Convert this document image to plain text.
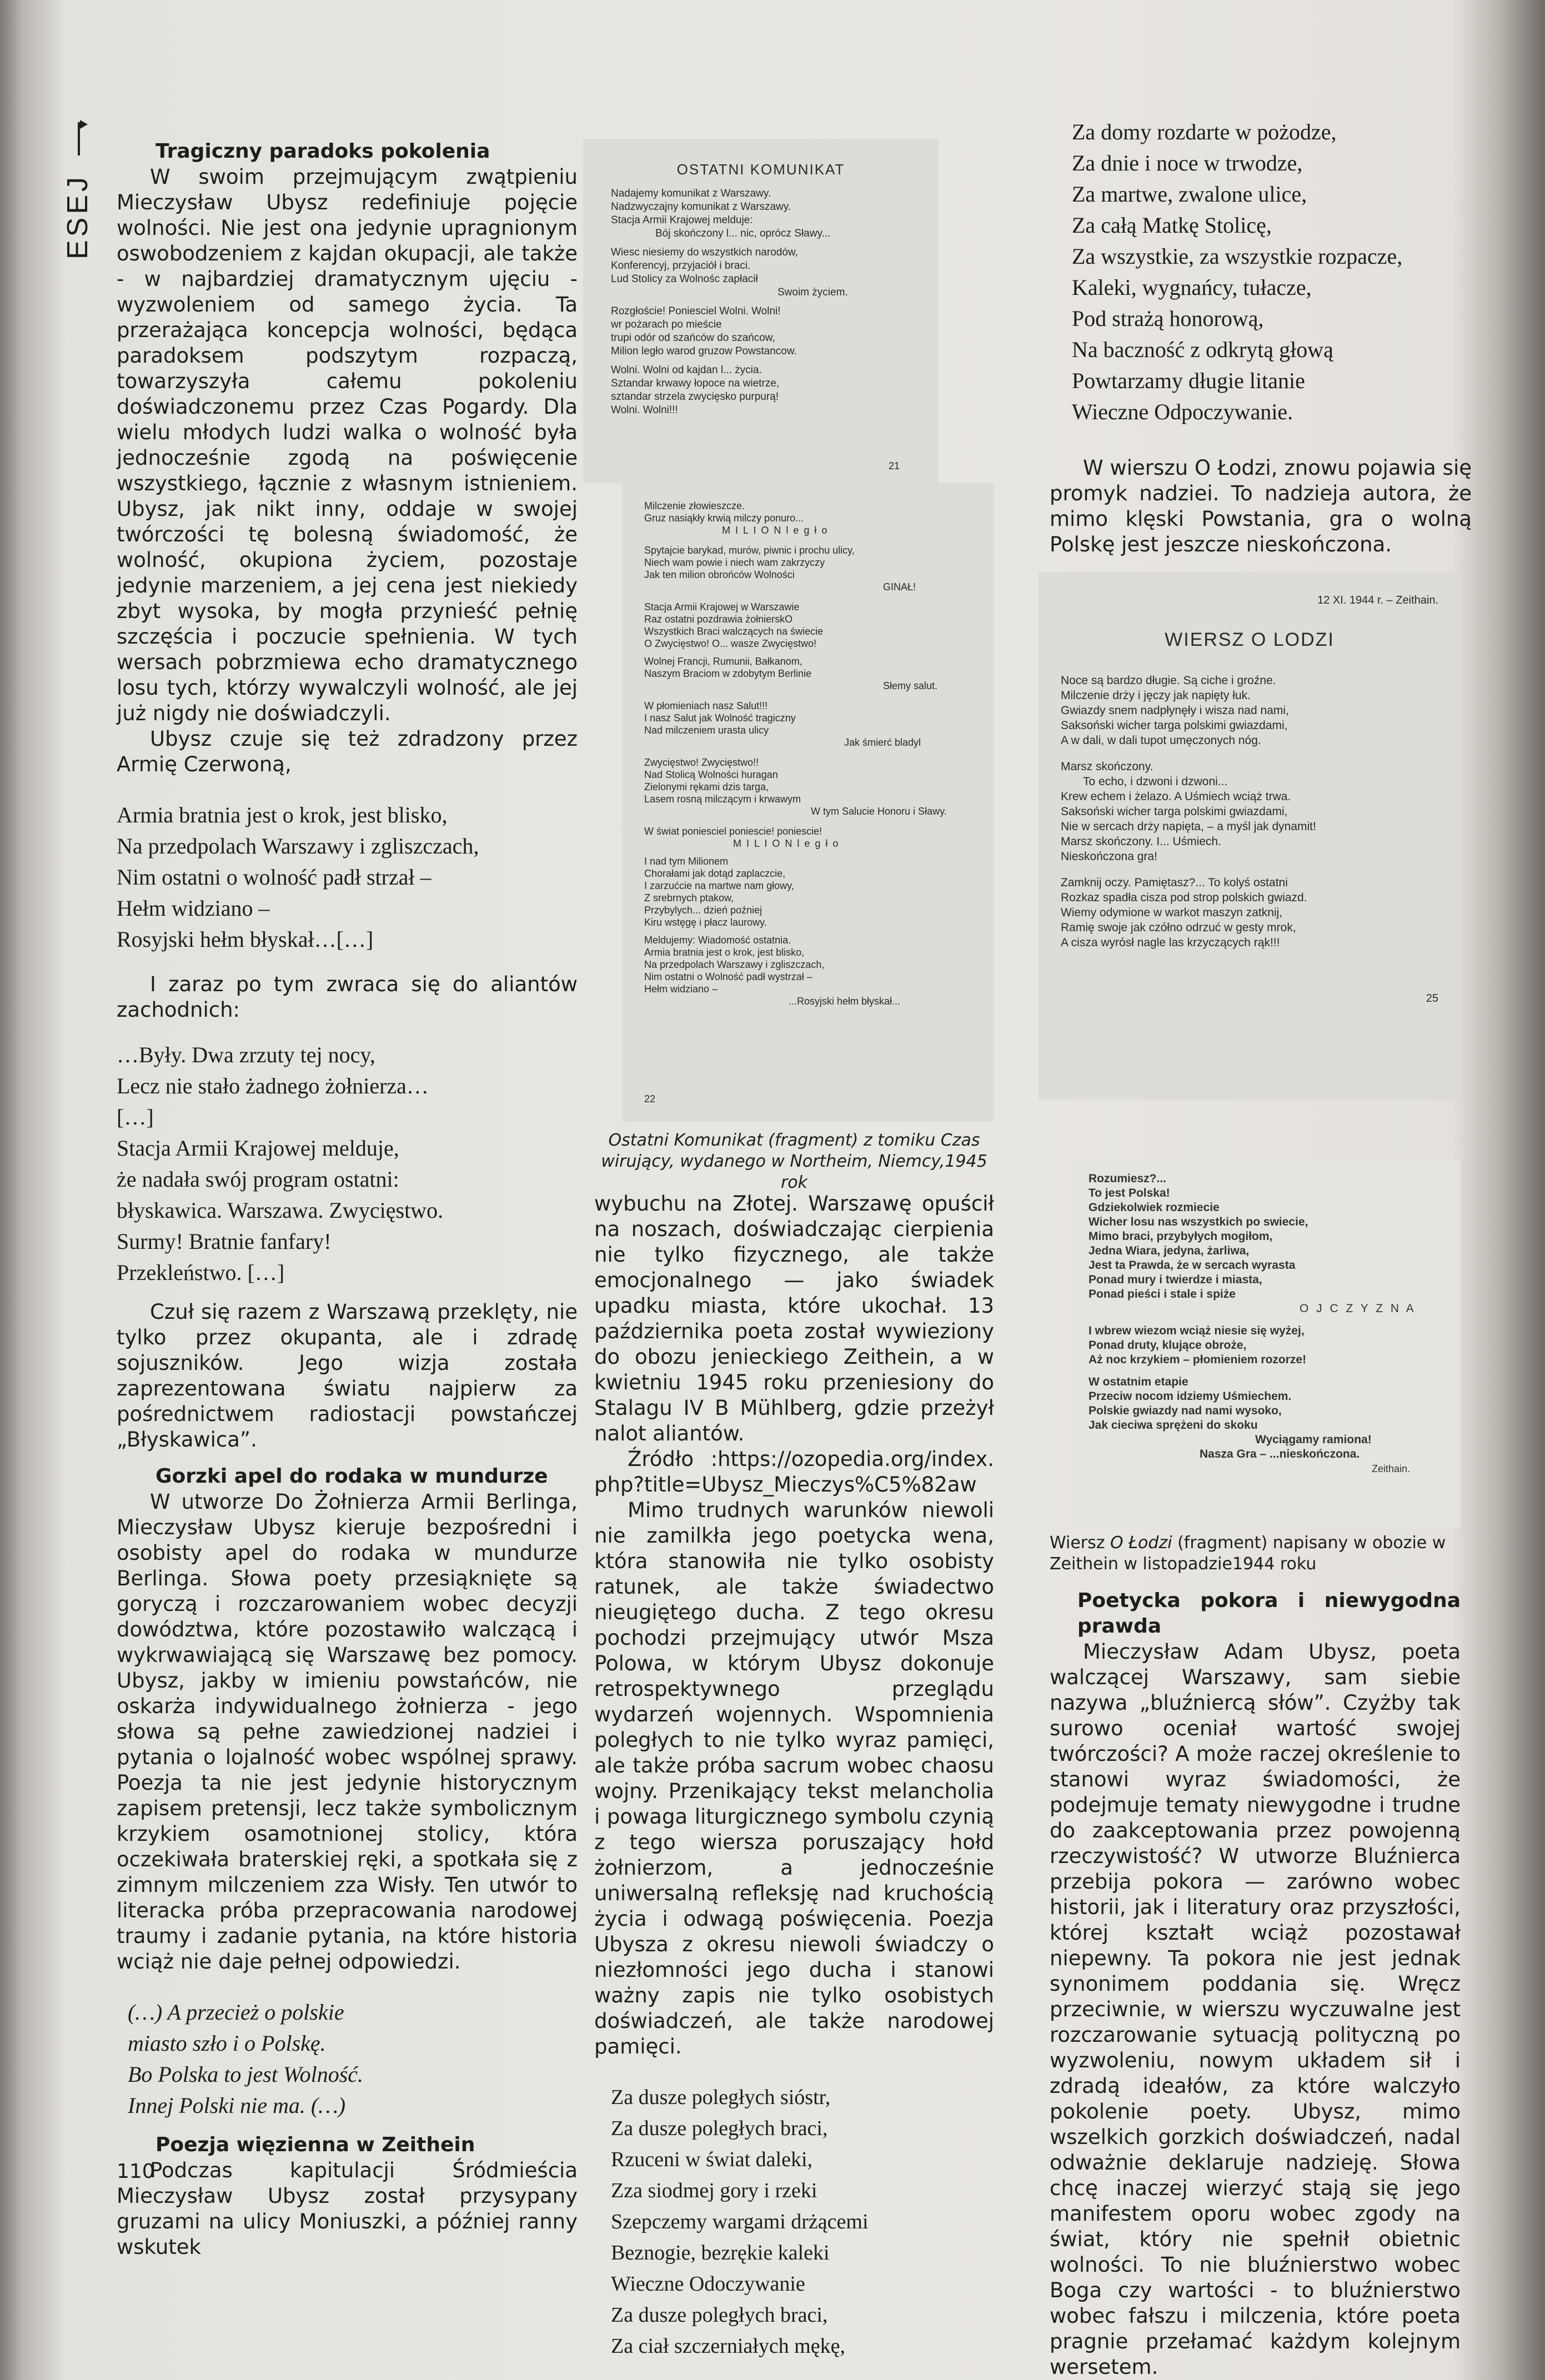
ESEJ

Tragiczny paradoks pokolenia

W swoim przejmującym zwątpieniu Mieczysław Ubysz redefiniuje pojęcie wolności. Nie jest ona jedynie upragnionym oswobodzeniem z kajdan okupacji, ale także - w najbardziej dramatycznym ujęciu - wyzwoleniem od samego życia. Ta przerażająca koncepcja wolności, będąca paradoksem podszytym rozpaczą, towarzyszyła całemu pokoleniu doświadczonemu przez Czas Pogardy. Dla wielu młodych ludzi walka o wolność była jednocześnie zgodą na poświęcenie wszystkiego, łącznie z własnym istnieniem. Ubysz, jak nikt inny, oddaje w swojej twórczości tę bolesną świadomość, że wolność, okupiona życiem, pozostaje jedynie marzeniem, a jej cena jest niekiedy zbyt wysoka, by mogła przynieść pełnię szczęścia i poczucie spełnienia. W tych wersach pobrzmiewa echo dramatycznego losu tych, którzy wywalczyli wolność, ale jej już nigdy nie doświadczyli.

Ubysz czuje się też zdradzony przez Armię Czerwoną,

Armia bratnia jest o krok, jest blisko,
Na przedpolach Warszawy i zgliszczach,
Nim ostatni o wolność padł strzał –
Hełm widziano –
Rosyjski hełm błyskał…[…]

I zaraz po tym zwraca się do aliantów zachodnich:

…Były. Dwa zrzuty tej nocy,
Lecz nie stało żadnego żołnierza…
[…]
Stacja Armii Krajowej melduje,
że nadała swój program ostatni:
błyskawica. Warszawa. Zwycięstwo.
Surmy! Bratnie fanfary!
Przekleństwo. […]

Czuł się razem z Warszawą przeklęty, nie tylko przez okupanta, ale i zdradę sojuszników. Jego wizja została zaprezentowana światu najpierw za pośrednictwem radiostacji powstańczej „Błyskawica”.

Gorzki apel do rodaka w mundurze

W utworze Do Żołnierza Armii Berlinga, Mieczysław Ubysz kieruje bezpośredni i osobisty apel do rodaka w mundurze Berlinga. Słowa poety przesiąknięte są goryczą i rozczarowaniem wobec decyzji dowództwa, które pozostawiło walczącą i wykrwawiającą się Warszawę bez pomocy. Ubysz, jakby w imieniu powstańców, nie oskarża indywidualnego żołnierza - jego słowa są pełne zawiedzionej nadziei i pytania o lojalność wobec wspólnej sprawy. Poezja ta nie jest jedynie historycznym zapisem pretensji, lecz także symbolicznym krzykiem osamotnionej stolicy, która oczekiwała braterskiej ręki, a spotkała się z zimnym milczeniem zza Wisły. Ten utwór to literacka próba przepracowania narodowej traumy i zadanie pytania, na które historia wciąż nie daje pełnej odpowiedzi.

(…) A przecież o polskie
miasto szło i o Polskę.
Bo Polska to jest Wolność.
Innej Polski nie ma. (…)

Poezja więzienna w Zeithein

Podczas kapitulacji Śródmieścia Mieczysław Ubysz został przysypany gruzami na ulicy Moniuszki, a później ranny wskutek

110
OSTATNI KOMUNIKAT
Nadajemy komunikat z Warszawy.
Nadzwyczajny komunikat z Warszawy.
Stacja Armii Krajowej melduje:
Bój skończony l... nic, oprócz Sławy...
Wiesc niesiemy do wszystkich narodów,
Konferencyj, przyjaciół i braci.
Lud Stolicy za Wolnośc zapłacił
Swoim życiem.
Rozgłoście! Poniesciel Wolni. Wolni!
wr pożarach po mieście
trupi odór od szańców do szańcow,
Milion legło warod gruzow Powstancow.
Wolni. Wolni od kajdan l... życia.
Sztandar krwawy łopoce na wietrze,
sztandar strzela zwycięsko purpurą!
Wolni. Wolni!!!
21
Milczenie złowieszcze.
Gruz nasiąkły krwią milczy ponuro...
M I L I O N l e g ł o
Spytajcie barykad, murów, piwnic i prochu ulicy,
Niech wam powie i niech wam zakrzyczy
Jak ten milion obrońców Wolności
GINAŁ!
Stacja Armii Krajowej w Warszawie
Raz ostatni pozdrawia żołnierskO
Wszystkich Braci walczących na świecie
O Zwycięstwo! O... wasze Zwycięstwo!
Wolnej Francji, Rumunii, Bałkanom,
Naszym Braciom w zdobytym Berlinie
Słemy salut.
W płomieniach nasz Salut!!!
I nasz Salut jak Wolność tragiczny
Nad milczeniem urasta ulicy
Jak śmierć bladyl
Zwycięstwo! Zwycięstwo!!
Nad Stolicą Wolności huragan
Zielonymi rękami dzis targa,
Lasem rosną milczącym i krwawym
W tym Salucie Honoru i Sławy.
W świat poniesciel poniescie! poniescie!
M I L I O N l e g ł o
I nad tym Milionem
Chorałami jak dotąd zaplaczcie,
I zarzućcie na martwe nam głowy,
Z srebrnych ptakow,
Przybylych... dzień poźniej
Kiru wstęgę i płacz laurowy.
Meldujemy: Wiadomość ostatnia.
Armia bratnia jest o krok, jest blisko,
Na przedpolach Warszawy i zgliszczach,
Nim ostatni o Wolność padł wystrzał –
Hełm widziano –
...Rosyjski hełm błyskał...
22
Ostatni Komunikat (fragment) z tomiku Czas wirujący, wydanego w Northeim, Niemcy,1945 rok

wybuchu na Złotej. Warszawę opuścił na noszach, doświadczając cierpienia nie tylko fizycznego, ale także emocjonalnego — jako świadek upadku miasta, które ukochał. 13 października poeta został wywieziony do obozu jenieckiego Zeithein, a w kwietniu 1945 roku przeniesiony do Stalagu IV B Mühlberg, gdzie przeżył nalot aliantów.

Źródło :https://ozopedia.org/index.php?title=Ubysz_Mieczys%C5%82aw

Mimo trudnych warunków niewoli nie zamilkła jego poetycka wena, która stanowiła nie tylko osobisty ratunek, ale także świadectwo nieugiętego ducha. Z tego okresu pochodzi przejmujący utwór Msza Polowa, w którym Ubysz dokonuje retrospektywnego przeglądu wydarzeń wojennych. Wspomnienia poległych to nie tylko wyraz pamięci, ale także próba sacrum wobec chaosu wojny. Przenikający tekst melancholia i powaga liturgicznego symbolu czynią z tego wiersza poruszający hołd żołnierzom, a jednocześnie uniwersalną refleksję nad kruchością życia i odwagą poświęcenia. Poezja Ubysza z okresu niewoli świadczy o niezłomności jego ducha i stanowi ważny zapis nie tylko osobistych doświadczeń, ale także narodowej pamięci.

Za dusze poległych sióstr,
Za dusze poległych braci,
Rzuceni w świat daleki,
Zza siodmej gory i rzeki
Szepczemy wargami drżącemi
Beznogie, bezrękie kaleki
Wieczne Odoczywanie
Za dusze poległych braci,
Za ciał szczerniałych mękę,
Za domy rozdarte w pożodze,
Za dnie i noce w trwodze,
Za martwe, zwalone ulice,
Za całą Matkę Stolicę,
Za wszystkie, za wszystkie rozpacze,
Kaleki, wygnańcy, tułacze,
Pod strażą honorową,
Na baczność z odkrytą głową
Powtarzamy długie litanie
Wieczne Odpoczywanie.

W wierszu O Łodzi, znowu pojawia się promyk nadziei. To nadzieja autora, że mimo klęski Powstania, gra o wolną Polskę jest jeszcze nieskończona.

12 XI. 1944 r. – Zeithain.
WIERSZ O LODZI
Noce są bardzo długie. Są ciche i groźne.
Milczenie drży i jęczy jak napięty łuk.
Gwiazdy snem nadpłynęły i wisza nad nami,
Saksoński wicher targa polskimi gwiazdami,
A w dali, w dali tupot umęczonych nóg.
Marsz skończony.
To echo, i dzwoni i dzwoni...
Krew echem i żelazo. A Uśmiech wciąż trwa.
Saksoński wicher targa polskimi gwiazdami,
Nie w sercach drży napięta, – a myśl jak dynamit!
Marsz skończony. I... Uśmiech.
Nieskończona gra!
Zamknij oczy. Pamiętasz?... To kolyś ostatni
Rozkaz spadła cisza pod strop polskich gwiazd.
Wiemy odymione w warkot maszyn zatknij,
Ramię swoje jak czółno odrzuć w gesty mrok,
A cisza wyrósł nagle las krzyczących rąk!!!
25
Rozumiesz?...
To jest Polska!
Gdziekolwiek rozmiecie
Wicher losu nas wszystkich po swiecie,
Mimo braci, przybyłych mogiłom,
Jedna Wiara, jedyna, żarliwa,
Jest ta Prawda, że w sercach wyrasta
Ponad mury i twierdze i miasta,
Ponad pieści i stale i spiże
O J C Z Y Z N A
I wbrew wiezom wciąż niesie się wyżej,
Ponad druty, klujące obroże,
Aż noc krzykiem – płomieniem rozorze!
W ostatnim etapie
Przeciw nocom idziemy Uśmiechem.
Polskie gwiazdy nad nami wysoko,
Jak cieciwa sprężeni do skoku
Wyciągamy ramiona!
Nasza Gra – ...nieskończona.
Zeithain.
Wiersz O Łodzi (fragment) napisany w obozie w Zeithein w listopadzie1944 roku

Poetycka pokora i niewygodna prawda

Mieczysław Adam Ubysz, poeta walczącej Warszawy, sam siebie nazywa „bluźniercą słów”. Czyżby tak surowo oceniał wartość swojej twórczości? A może raczej określenie to stanowi wyraz świadomości, że podejmuje tematy niewygodne i trudne do zaakceptowania przez powojenną rzeczywistość? W utworze Bluźnierca przebija pokora — zarówno wobec historii, jak i literatury oraz przyszłości, której kształt wciąż pozostawał niepewny. Ta pokora nie jest jednak synonimem poddania się. Wręcz przeciwnie, w wierszu wyczuwalne jest rozczarowanie sytuacją polityczną po wyzwoleniu, nowym układem sił i zdradą ideałów, za które walczyło pokolenie poety. Ubysz, mimo wszelkich gorzkich doświadczeń, nadal odważnie deklaruje nadzieję. Słowa chcę inaczej wierzyć stają się jego manifestem oporu wobec zgody na świat, który nie spełnił obietnic wolności. To nie bluźnierstwo wobec Boga czy wartości - to bluźnierstwo wobec fałszu i milczenia, które poeta pragnie przełamać każdym kolejnym wersetem.
